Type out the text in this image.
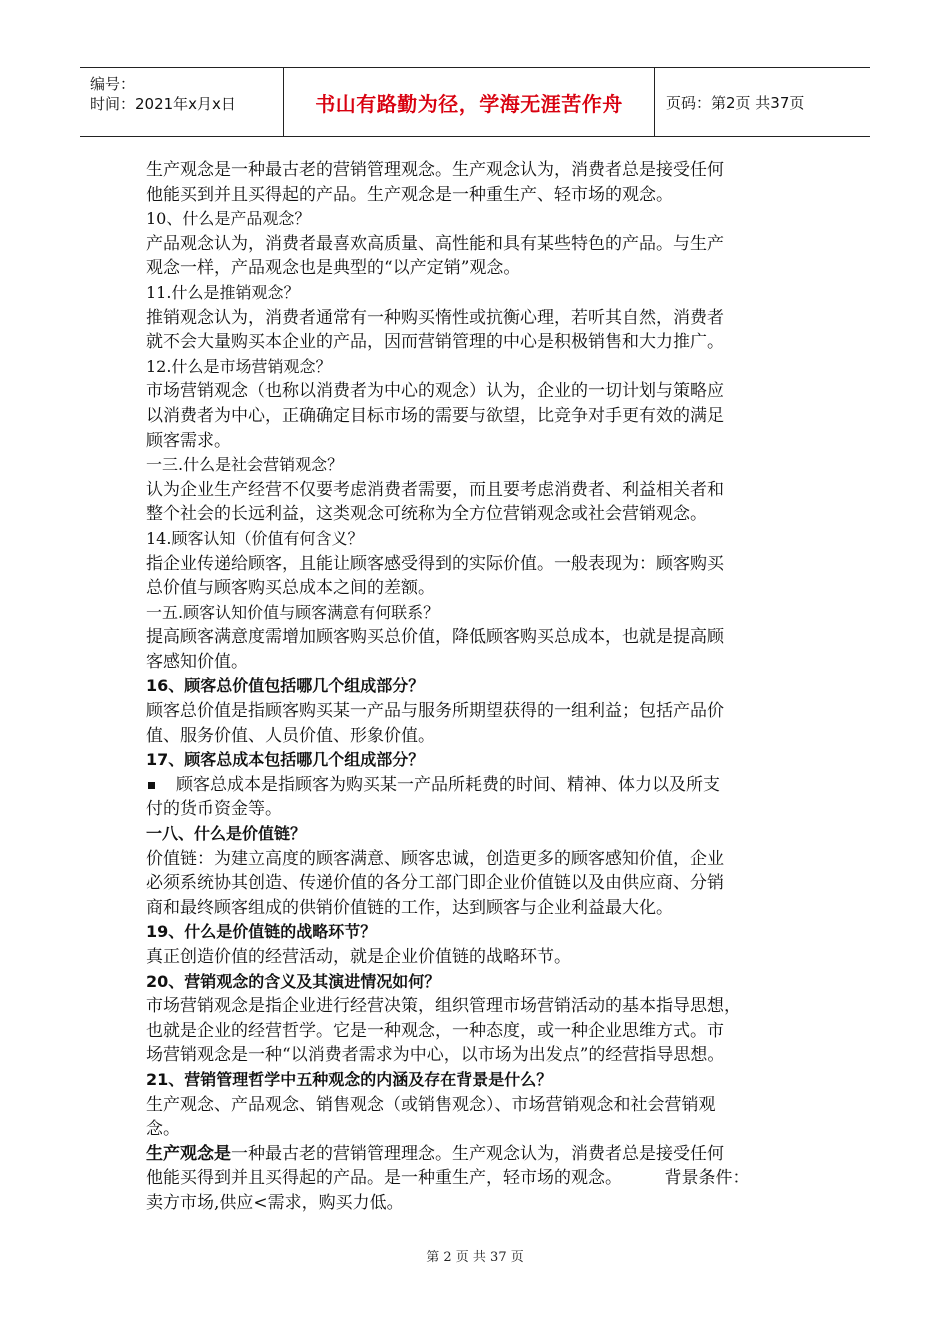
编号：
时间：2021年x月x日	书山有路勤为径，学海无涯苦作舟	页码：第2页 共37页

生产观念是一种最古老的营销管理观念。生产观念认为，消费者总是接受任何

他能买到并且买得起的产品。生产观念是一种重生产、轻市场的观念。

10、什么是产品观念？

产品观念认为，消费者最喜欢高质量、高性能和具有某些特色的产品。与生产

观念一样，产品观念也是典型的“以产定销”观念。

11.什么是推销观念？

推销观念认为，消费者通常有一种购买惰性或抗衡心理，若听其自然，消费者

就不会大量购买本企业的产品，因而营销管理的中心是积极销售和大力推广。

12.什么是市场营销观念？

市场营销观念（也称以消费者为中心的观念）认为，企业的一切计划与策略应

以消费者为中心，正确确定目标市场的需要与欲望，比竞争对手更有效的满足

顾客需求。

一三.什么是社会营销观念？

认为企业生产经营不仅要考虑消费者需要，而且要考虑消费者、利益相关者和

整个社会的长远利益，这类观念可统称为全方位营销观念或社会营销观念。

14.顾客认知（价值有何含义？

指企业传递给顾客，且能让顾客感受得到的实际价值。一般表现为：顾客购买

总价值与顾客购买总成本之间的差额。

一五.顾客认知价值与顾客满意有何联系？

提高顾客满意度需增加顾客购买总价值，降低顾客购买总成本，也就是提高顾

客感知价值。

16、顾客总价值包括哪几个组成部分？

顾客总价值是指顾客购买某一产品与服务所期望获得的一组利益；包括产品价

值、服务价值、人员价值、形象价值。

17、顾客总成本包括哪几个组成部分？

顾客总成本是指顾客为购买某一产品所耗费的时间、精神、体力以及所支

付的货币资金等。

一八、什么是价值链？

价值链：为建立高度的顾客满意、顾客忠诚，创造更多的顾客感知价值，企业

必须系统协其创造、传递价值的各分工部门即企业价值链以及由供应商、分销

商和最终顾客组成的供销价值链的工作，达到顾客与企业利益最大化。

19、什么是价值链的战略环节？

真正创造价值的经营活动，就是企业价值链的战略环节。

20、营销观念的含义及其演进情况如何？

市场营销观念是指企业进行经营决策，组织管理市场营销活动的基本指导思想，

也就是企业的经营哲学。它是一种观念，一种态度，或一种企业思维方式。市

场营销观念是一种“以消费者需求为中心，以市场为出发点”的经营指导思想。

21、营销管理哲学中五种观念的内涵及存在背景是什么？

生产观念、产品观念、销售观念（或销售观念）、市场营销观念和社会营销观

念。

生产观念是一种最古老的营销管理理念。生产观念认为，消费者总是接受任何

他能买得到并且买得起的产品。是一种重生产，轻市场的观念。　　　背景条件：

卖方市场,供应<需求，购买力低。

第 2 页 共 37 页
